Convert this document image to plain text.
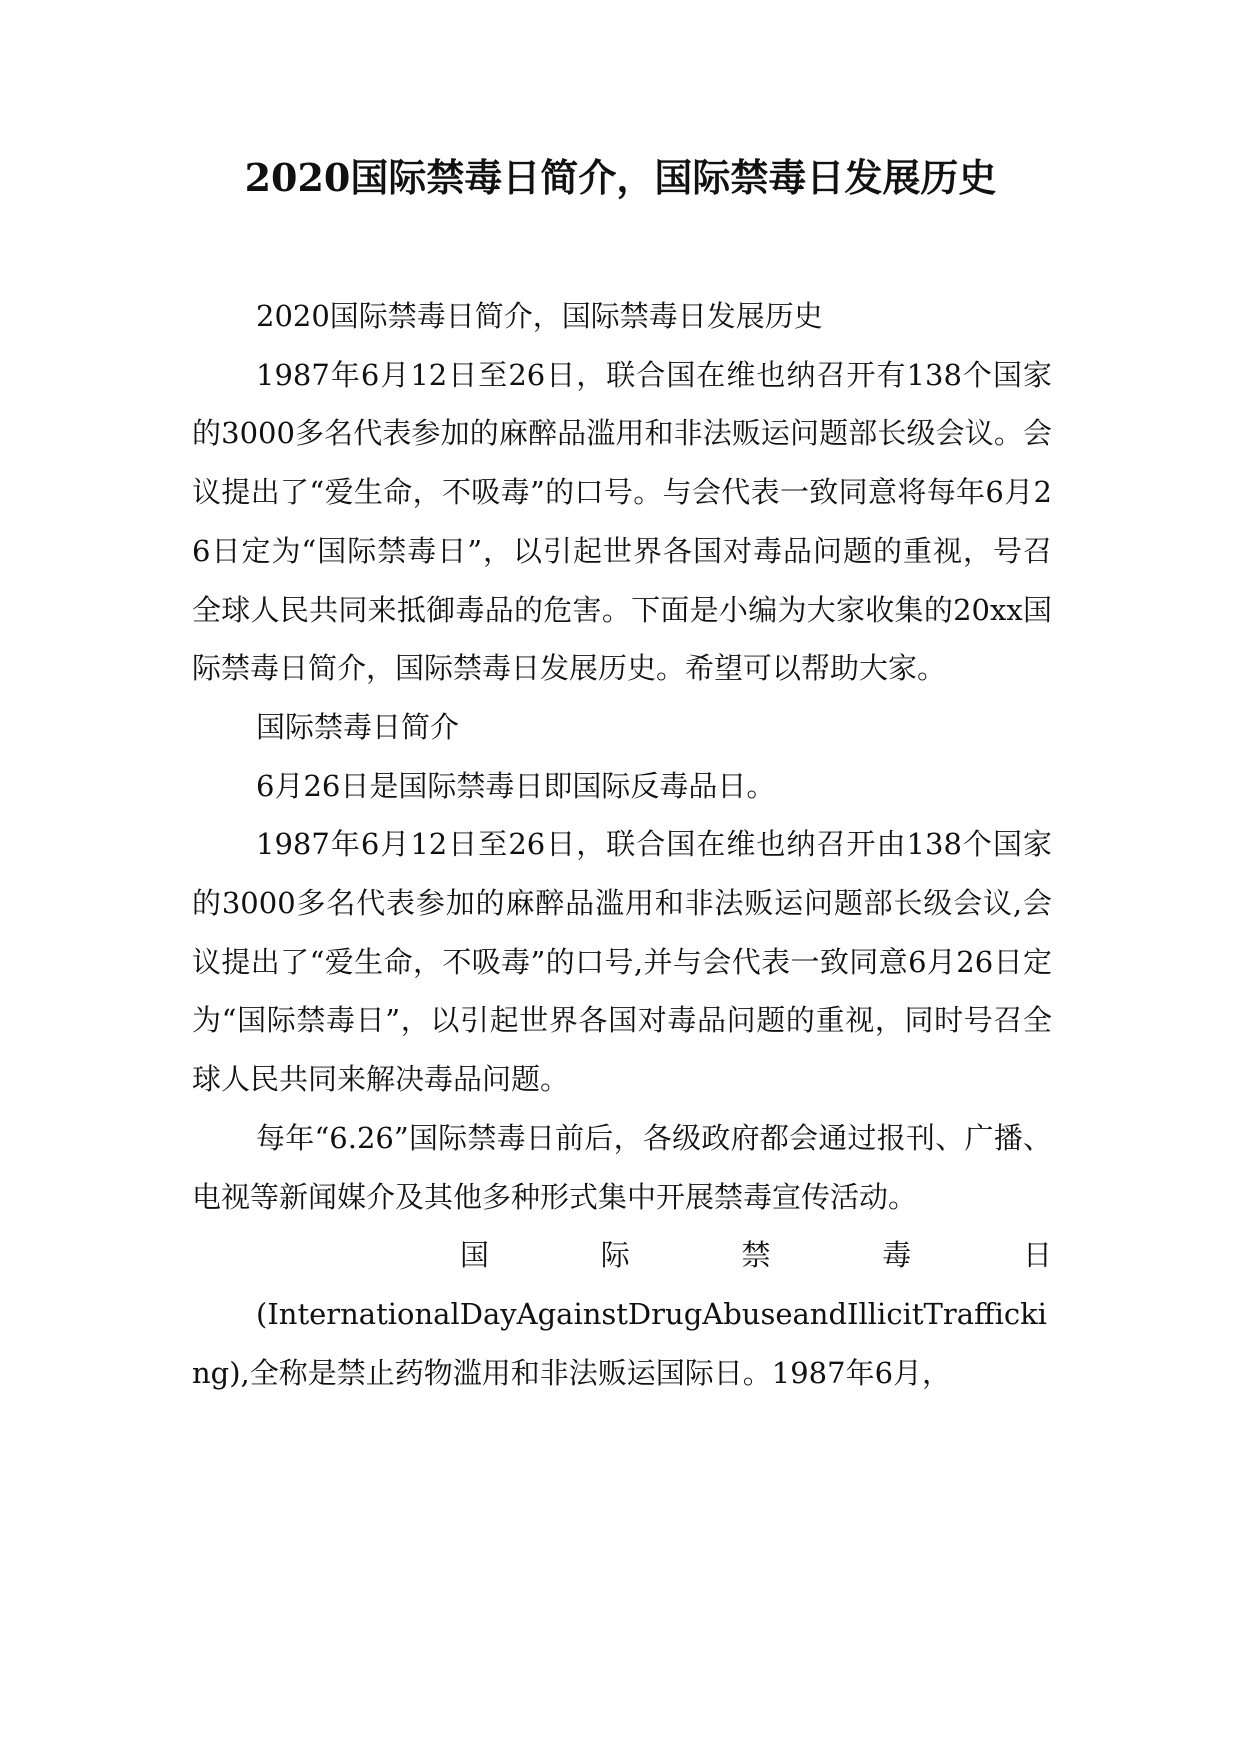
2020国际禁毒日简介，国际禁毒日发展历史

2020国际禁毒日简介，国际禁毒日发展历史

1987年6月12日至26日，联合国在维也纳召开有138个国家的3000多名代表参加的麻醉品滥用和非法贩运问题部长级会议。会议提出了“爱生命，不吸毒”的口号。与会代表一致同意将每年6月26日定为“国际禁毒日”，以引起世界各国对毒品问题的重视，号召全球人民共同来抵御毒品的危害。下面是小编为大家收集的20xx国际禁毒日简介，国际禁毒日发展历史。希望可以帮助大家。

国际禁毒日简介

6月26日是国际禁毒日即国际反毒品日。

1987年6月12日至26日，联合国在维也纳召开由138个国家的3000多名代表参加的麻醉品滥用和非法贩运问题部长级会议,会议提出了“爱生命，不吸毒”的口号,并与会代表一致同意6月26日定为“国际禁毒日”，以引起世界各国对毒品问题的重视，同时号召全球人民共同来解决毒品问题。

每年“6.26”国际禁毒日前后，各级政府都会通过报刊、广播、电视等新闻媒介及其他多种形式集中开展禁毒宣传活动。

国	际	禁	毒	日

(InternationalDayAgainstDrugAbuseandIllicitTrafficking),全称是禁止药物滥用和非法贩运国际日。1987年6月，
